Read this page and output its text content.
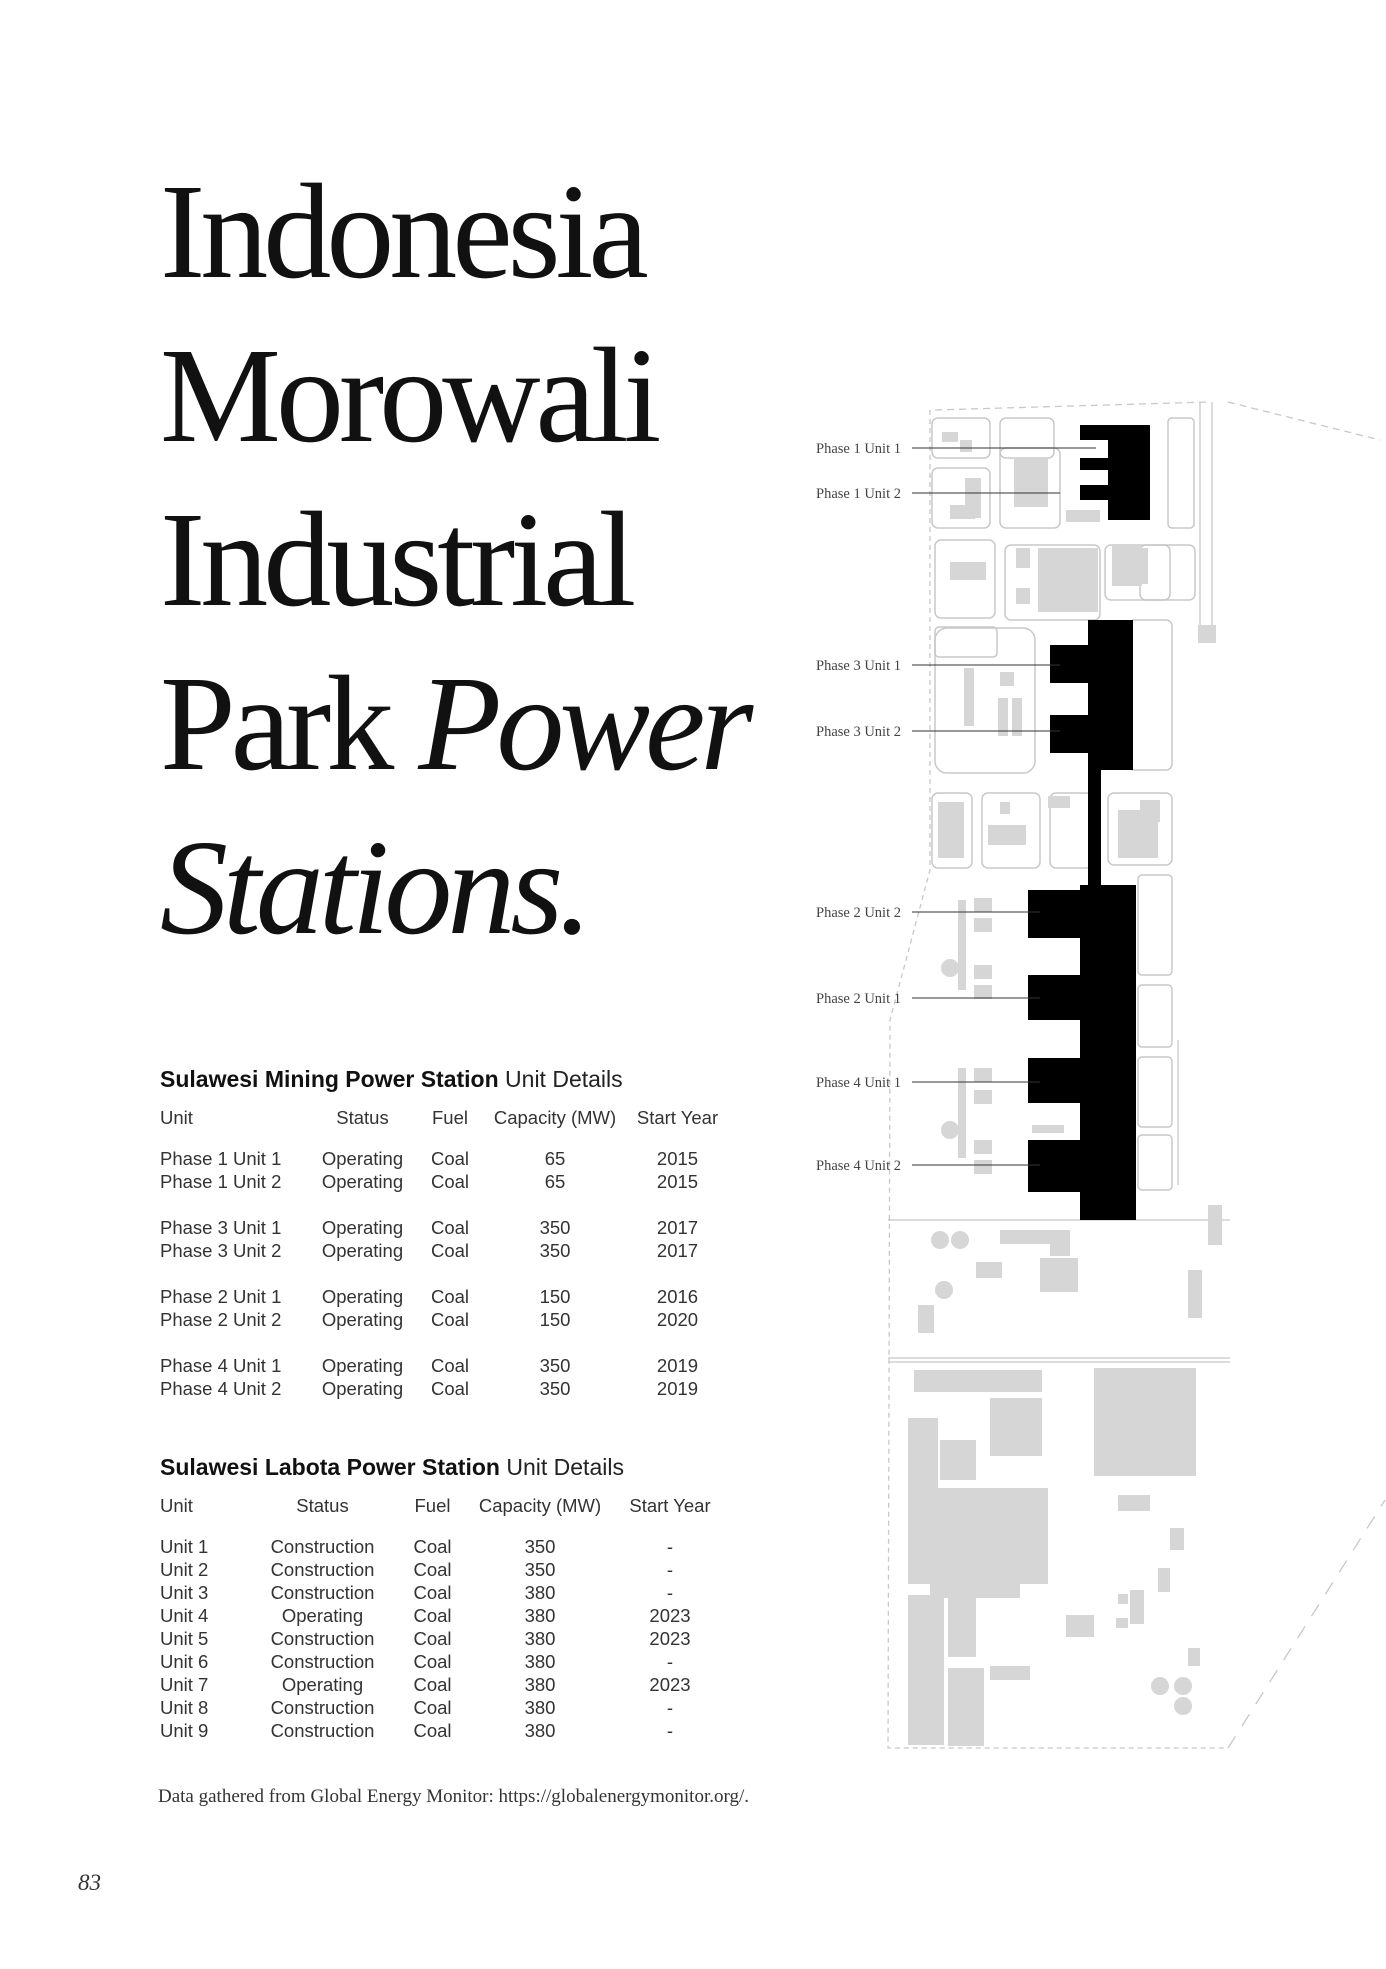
Indonesia
Morowali
Industrial
Park Power
Stations.

Sulawesi Mining Power Station Unit Details

Unit	Status	Fuel	Capacity (MW)	Start Year
Phase 1 Unit 1	Operating	Coal	65	2015
Phase 1 Unit 2	Operating	Coal	65	2015
Phase 3 Unit 1	Operating	Coal	350	2017
Phase 3 Unit 2	Operating	Coal	350	2017
Phase 2 Unit 1	Operating	Coal	150	2016
Phase 2 Unit 2	Operating	Coal	150	2020
Phase 4 Unit 1	Operating	Coal	350	2019
Phase 4 Unit 2	Operating	Coal	350	2019

Sulawesi Labota Power Station Unit Details

Unit	Status	Fuel	Capacity (MW)	Start Year
Unit 1	Construction	Coal	350	-
Unit 2	Construction	Coal	350	-
Unit 3	Construction	Coal	380	-
Unit 4	Operating	Coal	380	2023
Unit 5	Construction	Coal	380	2023
Unit 6	Construction	Coal	380	-
Unit 7	Operating	Coal	380	2023
Unit 8	Construction	Coal	380	-
Unit 9	Construction	Coal	380	-

Data gathered from Global Energy Monitor: https://globalenergymonitor.org/.

83

Phase 1 Unit 1
Phase 1 Unit 2
Phase 3 Unit 1
Phase 3 Unit 2
Phase 2 Unit 2
Phase 2 Unit 1
Phase 4 Unit 1
Phase 4 Unit 2
